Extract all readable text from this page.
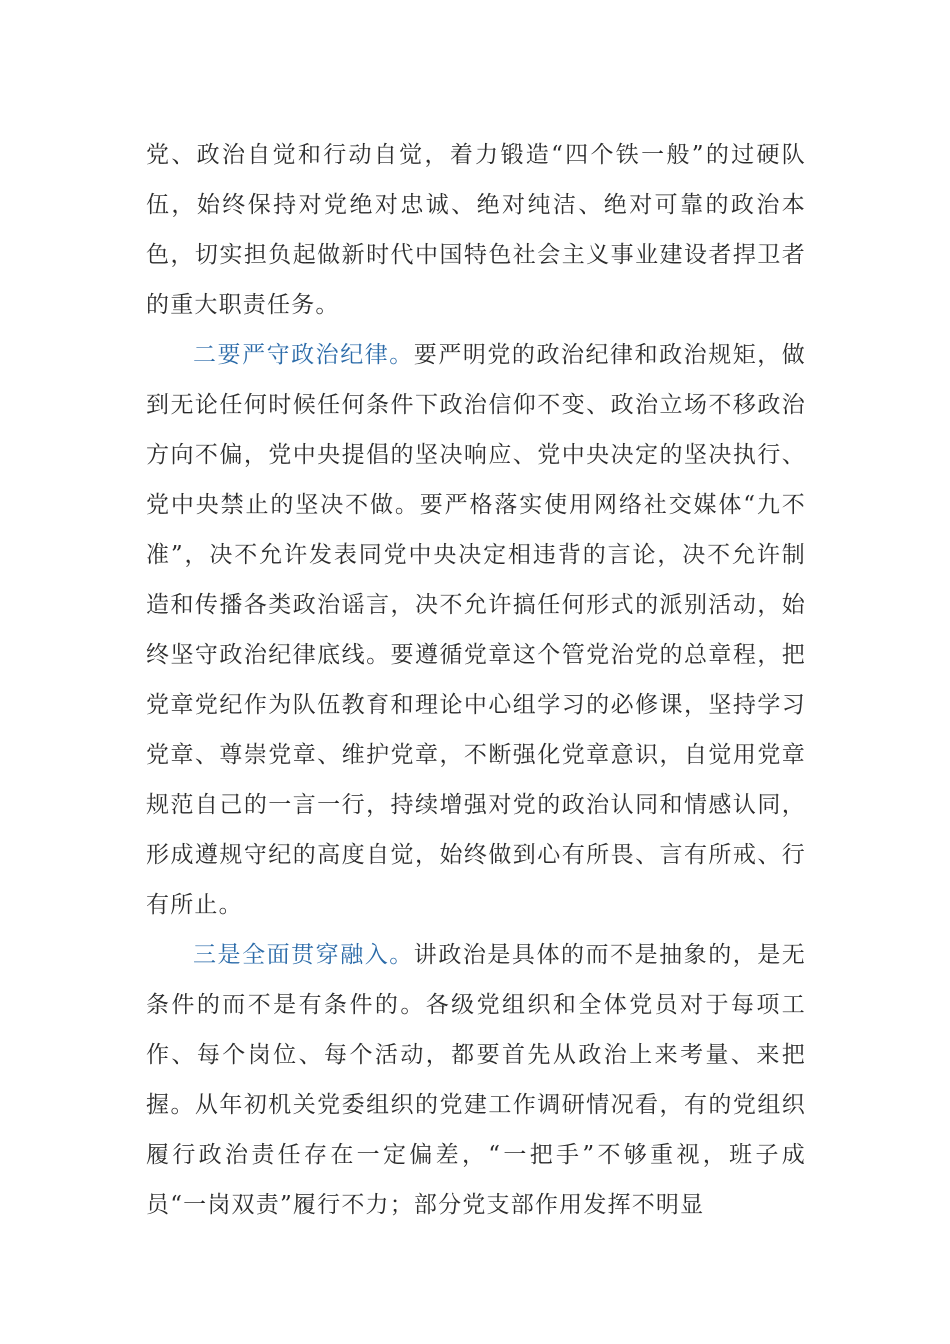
党、政治自觉和行动自觉，着力锻造“四个铁一般”的过硬队伍，始终保持对党绝对忠诚、绝对纯洁、绝对可靠的政治本色，切实担负起做新时代中国特色社会主义事业建设者捍卫者的重大职责任务。

二要严守政治纪律。要严明党的政治纪律和政治规矩，做到无论任何时候任何条件下政治信仰不变、政治立场不移政治方向不偏，党中央提倡的坚决响应、党中央决定的坚决执行、党中央禁止的坚决不做。要严格落实使用网络社交媒体“九不准”，决不允许发表同党中央决定相违背的言论，决不允许制造和传播各类政治谣言，决不允许搞任何形式的派别活动，始终坚守政治纪律底线。要遵循党章这个管党治党的总章程，把党章党纪作为队伍教育和理论中心组学习的必修课，坚持学习党章、尊崇党章、维护党章，不断强化党章意识，自觉用党章规范自己的一言一行，持续增强对党的政治认同和情感认同，形成遵规守纪的高度自觉，始终做到心有所畏、言有所戒、行有所止。

三是全面贯穿融入。讲政治是具体的而不是抽象的，是无条件的而不是有条件的。各级党组织和全体党员对于每项工作、每个岗位、每个活动，都要首先从政治上来考量、来把握。从年初机关党委组织的党建工作调研情况看，有的党组织履行政治责任存在一定偏差，“一把手”不够重视，班子成员“一岗双责”履行不力；部分党支部作用发挥不明显
